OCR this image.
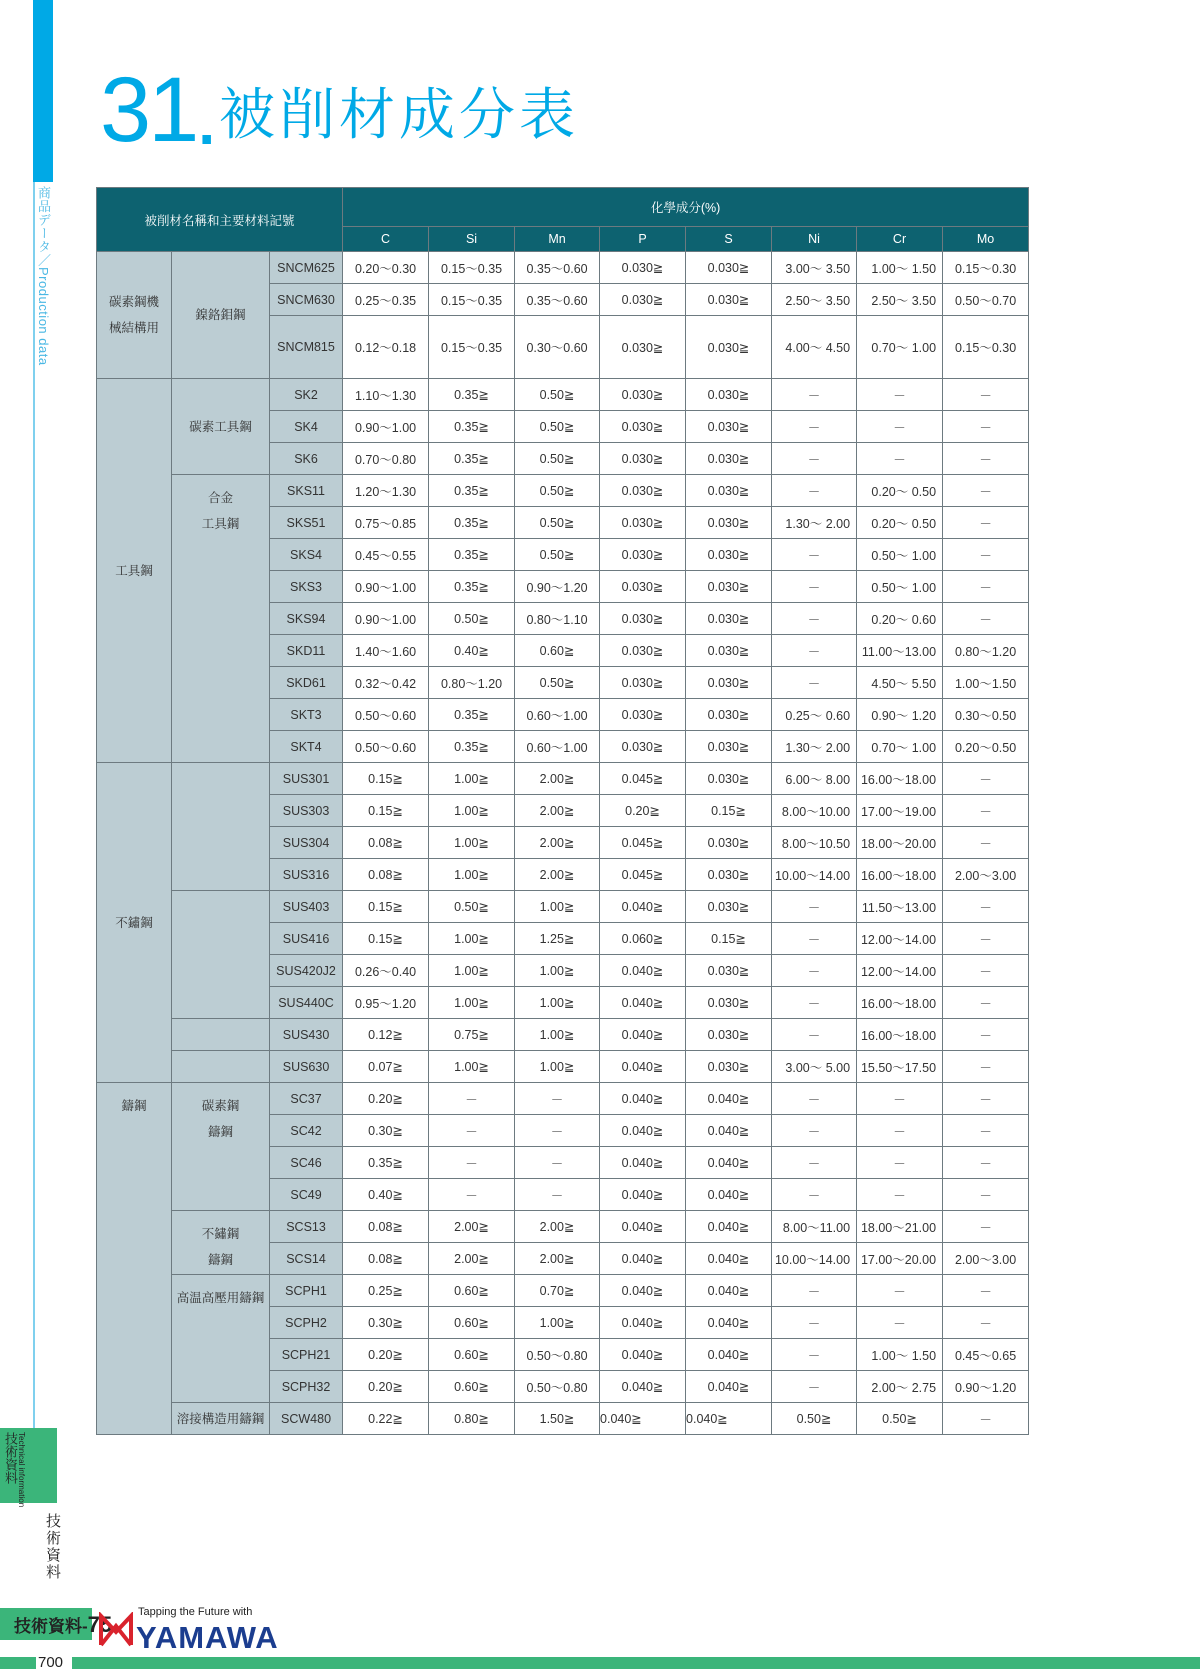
商品データ／Production data
技術資料 Technical information
技術資料
31 . 被削材成分表
被削材名稱和主要材料記號			化學成分(%)							
			C	Si	Mn	P	S	Ni	Cr	Mo

碳素鋼機
械結構用	鎳鉻鉬鋼	SNCM625	0.20～0.30	0.15～0.35	0.35～0.60	0.030≧	0.030≧	3.00～ 3.50	1.00～ 1.50	0.15～0.30
		SNCM630	0.25～0.35	0.15～0.35	0.35～0.60	0.030≧	0.030≧	2.50～ 3.50	2.50～ 3.50	0.50～0.70
		SNCM815	0.12～0.18	0.15～0.35	0.30～0.60	0.030≧	0.030≧	4.00～ 4.50	0.70～ 1.00	0.15～0.30
工具鋼	碳素工具鋼	SK2	1.10～1.30	0.35≧	0.50≧	0.030≧	0.030≧	－	－	－
		SK4	0.90～1.00	0.35≧	0.50≧	0.030≧	0.030≧	－	－	－
		SK6	0.70～0.80	0.35≧	0.50≧	0.030≧	0.030≧	－	－	－

	合金
工具鋼	SKS11	1.20～1.30	0.35≧	0.50≧	0.030≧	0.030≧	－	0.20～ 0.50	－
		SKS51	0.75～0.85	0.35≧	0.50≧	0.030≧	0.030≧	1.30～ 2.00	0.20～ 0.50	－
		SKS4	0.45～0.55	0.35≧	0.50≧	0.030≧	0.030≧	－	0.50～ 1.00	－
		SKS3	0.90～1.00	0.35≧	0.90～1.20	0.030≧	0.030≧	－	0.50～ 1.00	－
		SKS94	0.90～1.00	0.50≧	0.80～1.10	0.030≧	0.030≧	－	0.20～ 0.60	－
		SKD11	1.40～1.60	0.40≧	0.60≧	0.030≧	0.030≧	－	11.00～13.00	0.80～1.20
		SKD61	0.32～0.42	0.80～1.20	0.50≧	0.030≧	0.030≧	－	4.50～ 5.50	1.00～1.50
		SKT3	0.50～0.60	0.35≧	0.60～1.00	0.030≧	0.030≧	0.25～ 0.60	0.90～ 1.20	0.30～0.50
		SKT4	0.50～0.60	0.35≧	0.60～1.00	0.030≧	0.030≧	1.30～ 2.00	0.70～ 1.00	0.20～0.50
不鏽鋼		SUS301	0.15≧	1.00≧	2.00≧	0.045≧	0.030≧	6.00～ 8.00	16.00～18.00	－
		SUS303	0.15≧	1.00≧	2.00≧	0.20≧	0.15≧	8.00～10.00	17.00～19.00	－
		SUS304	0.08≧	1.00≧	2.00≧	0.045≧	0.030≧	8.00～10.50	18.00～20.00	－
		SUS316	0.08≧	1.00≧	2.00≧	0.045≧	0.030≧	10.00～14.00	16.00～18.00	2.00～3.00
		SUS403	0.15≧	0.50≧	1.00≧	0.040≧	0.030≧	－	11.50～13.00	－
		SUS416	0.15≧	1.00≧	1.25≧	0.060≧	0.15≧	－	12.00～14.00	－
		SUS420J2	0.26～0.40	1.00≧	1.00≧	0.040≧	0.030≧	－	12.00～14.00	－
		SUS440C	0.95～1.20	1.00≧	1.00≧	0.040≧	0.030≧	－	16.00～18.00	－
		SUS430	0.12≧	0.75≧	1.00≧	0.040≧	0.030≧	－	16.00～18.00	－
		SUS630	0.07≧	1.00≧	1.00≧	0.040≧	0.030≧	3.00～ 5.00	15.50～17.50	－
鑄鋼	碳素鋼
鑄鋼	SC37	0.20≧	－	－	0.040≧	0.040≧	－	－	－
		SC42	0.30≧	－	－	0.040≧	0.040≧	－	－	－
		SC46	0.35≧	－	－	0.040≧	0.040≧	－	－	－
		SC49	0.40≧	－	－	0.040≧	0.040≧	－	－	－

	不鏽鋼
鑄鋼	SCS13	0.08≧	2.00≧	2.00≧	0.040≧	0.040≧	8.00～11.00	18.00～21.00	－
		SCS14	0.08≧	2.00≧	2.00≧	0.040≧	0.040≧	10.00～14.00	17.00～20.00	2.00～3.00
	高温高壓用鑄鋼	SCPH1	0.25≧	0.60≧	0.70≧	0.040≧	0.040≧	－	－	－
		SCPH2	0.30≧	0.60≧	1.00≧	0.040≧	0.040≧	－	－	－
		SCPH21	0.20≧	0.60≧	0.50～0.80	0.040≧	0.040≧	－	1.00～ 1.50	0.45～0.65
		SCPH32	0.20≧	0.60≧	0.50～0.80	0.040≧	0.040≧	－	2.00～ 2.75	0.90～1.20
	溶接構造用鑄鋼	SCW480	0.22≧	0.80≧	1.50≧	0.040≧	0.040≧	0.50≧	0.50≧	－
技術資料-75 Tapping the Future with
YAMAWA
700
